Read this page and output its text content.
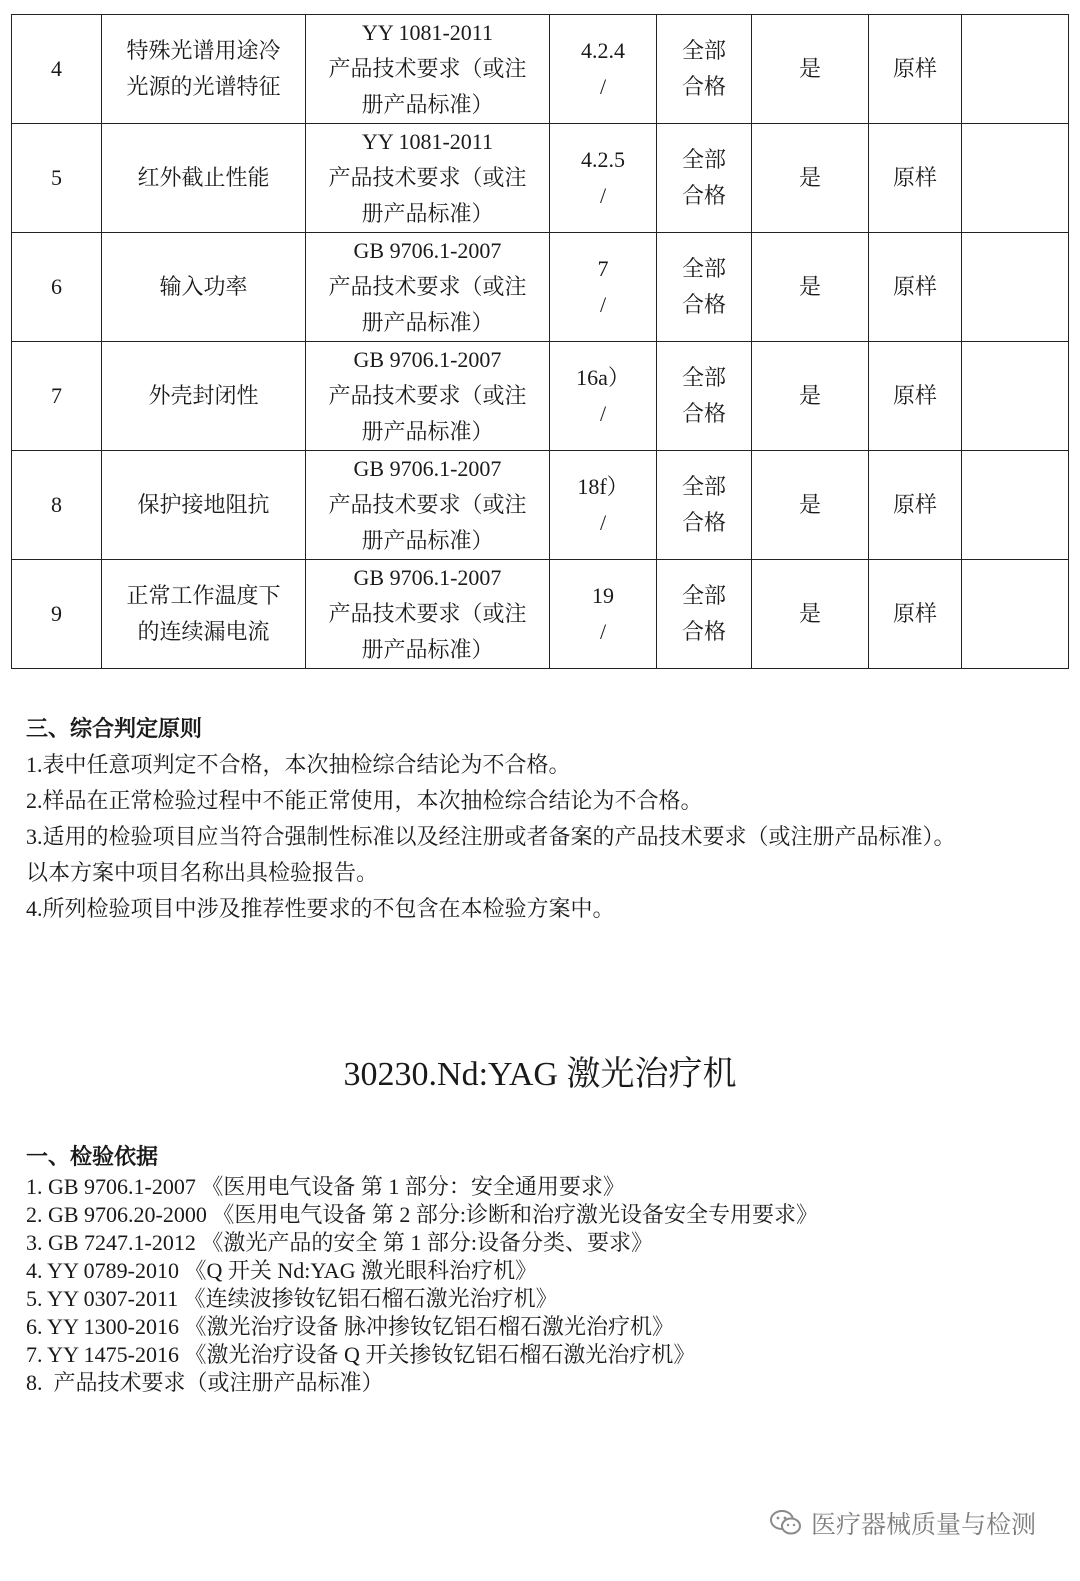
4	特殊光谱用途冷
光源的光谱特征	YY 1081-2011
产品技术要求（或注
册产品标准）	4.2.4
/	全部
合格	是	原样	
5	红外截止性能	YY 1081-2011
产品技术要求（或注
册产品标准）	4.2.5
/	全部
合格	是	原样	
6	输入功率	GB 9706.1-2007
产品技术要求（或注
册产品标准）	7
/	全部
合格	是	原样	
7	外壳封闭性	GB 9706.1-2007
产品技术要求（或注
册产品标准）	16a）
/	全部
合格	是	原样	
8	保护接地阻抗	GB 9706.1-2007
产品技术要求（或注
册产品标准）	18f）
/	全部
合格	是	原样	
9	正常工作温度下
的连续漏电流	GB 9706.1-2007
产品技术要求（或注
册产品标准）	19
/	全部
合格	是	原样	
三、综合判定原则
1.表中任意项判定不合格，本次抽检综合结论为不合格。
2.样品在正常检验过程中不能正常使用，本次抽检综合结论为不合格。
3.适用的检验项目应当符合强制性标准以及经注册或者备案的产品技术要求（或注册产品标准）。
以本方案中项目名称出具检验报告。
4.所列检验项目中涉及推荐性要求的不包含在本检验方案中。
30230.Nd:YAG 激光治疗机
一、检验依据
1. GB 9706.1-2007 《医用电气设备 第 1 部分：安全通用要求》
2. GB 9706.20-2000 《医用电气设备 第 2 部分:诊断和治疗激光设备安全专用要求》
3. GB 7247.1-2012 《激光产品的安全 第 1 部分:设备分类、要求》
4. YY 0789-2010 《Q 开关 Nd:YAG 激光眼科治疗机》
5. YY 0307-2011 《连续波掺钕钇铝石榴石激光治疗机》
6. YY 1300-2016 《激光治疗设备 脉冲掺钕钇铝石榴石激光治疗机》
7. YY 1475-2016 《激光治疗设备 Q 开关掺钕钇铝石榴石激光治疗机》
8.  产品技术要求（或注册产品标准）
医疗器械质量与检测
